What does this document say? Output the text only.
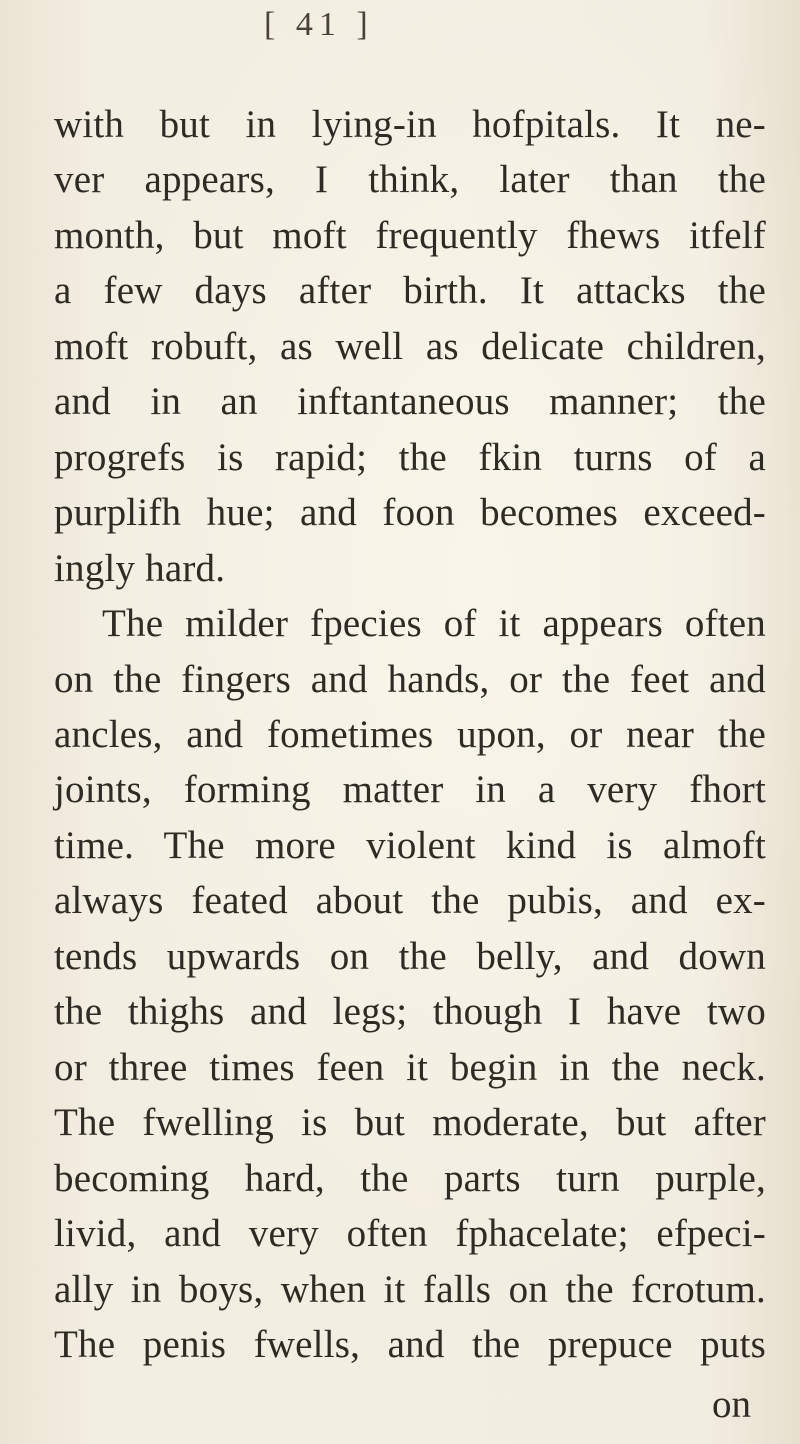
[ 41 ]
with but in lying-in hofpitals. It ne-
ver appears, I think, later than the
month, but moft frequently fhews itfelf
a few days after birth. It attacks the
moft robuft, as well as delicate children,
and in an inftantaneous manner; the
progrefs is rapid; the fkin turns of a
purplifh hue; and foon becomes exceed-
ingly hard.
The milder fpecies of it appears often
on the fingers and hands, or the feet and
ancles, and fometimes upon, or near the
joints, forming matter in a very fhort
time. The more violent kind is almoft
always feated about the pubis, and ex-
tends upwards on the belly, and down
the thighs and legs; though I have two
or three times feen it begin in the neck.
The fwelling is but moderate, but after
becoming hard, the parts turn purple,
livid, and very often fphacelate; efpeci-
ally in boys, when it falls on the fcrotum.
The penis fwells, and the prepuce puts
on
